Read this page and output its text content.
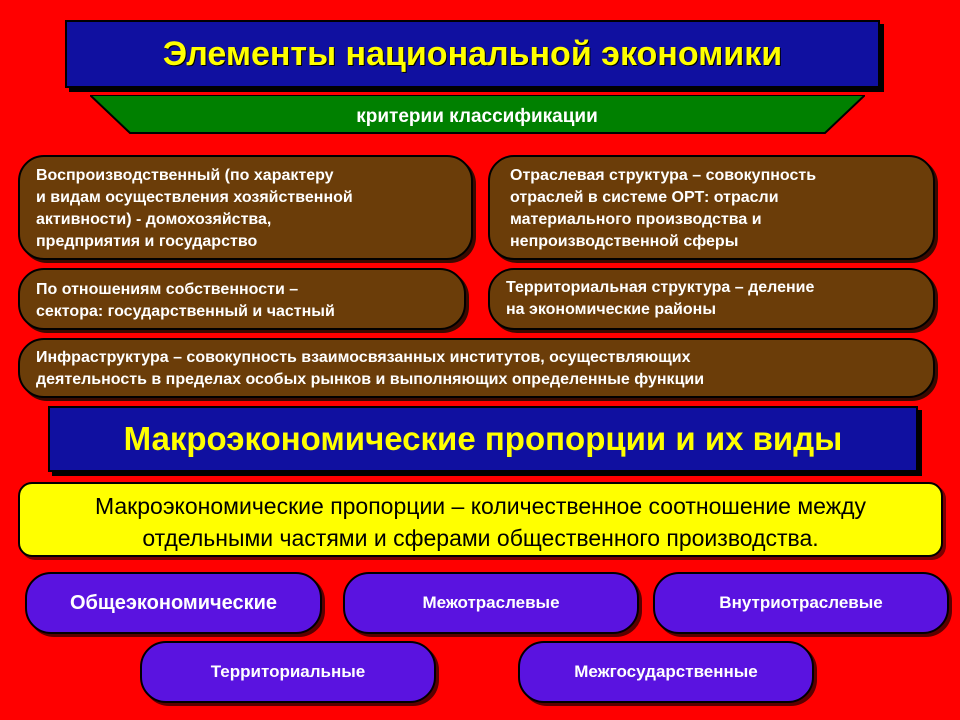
Элементы национальной экономики
критерии классификации
Воспроизводственный (по характеру
и видам осуществления хозяйственной
активности) - домохозяйства,
предприятия и государство
Отраслевая структура – совокупность
отраслей в системе ОРТ: отрасли
материального производства и
непроизводственной сферы
По отношениям собственности –
сектора: государственный и частный
Территориальная структура – деление
на экономические районы
Инфраструктура – совокупность взаимосвязанных институтов, осуществляющих
деятельность в пределах особых рынков и выполняющих определенные функции
Макроэкономические пропорции и их виды
Макроэкономические пропорции – количественное соотношение между
отдельными частями и сферами общественного производства.
Общеэкономические	Межотраслевые	Внутриотраслевые
Территориальные	Межгосударственные
